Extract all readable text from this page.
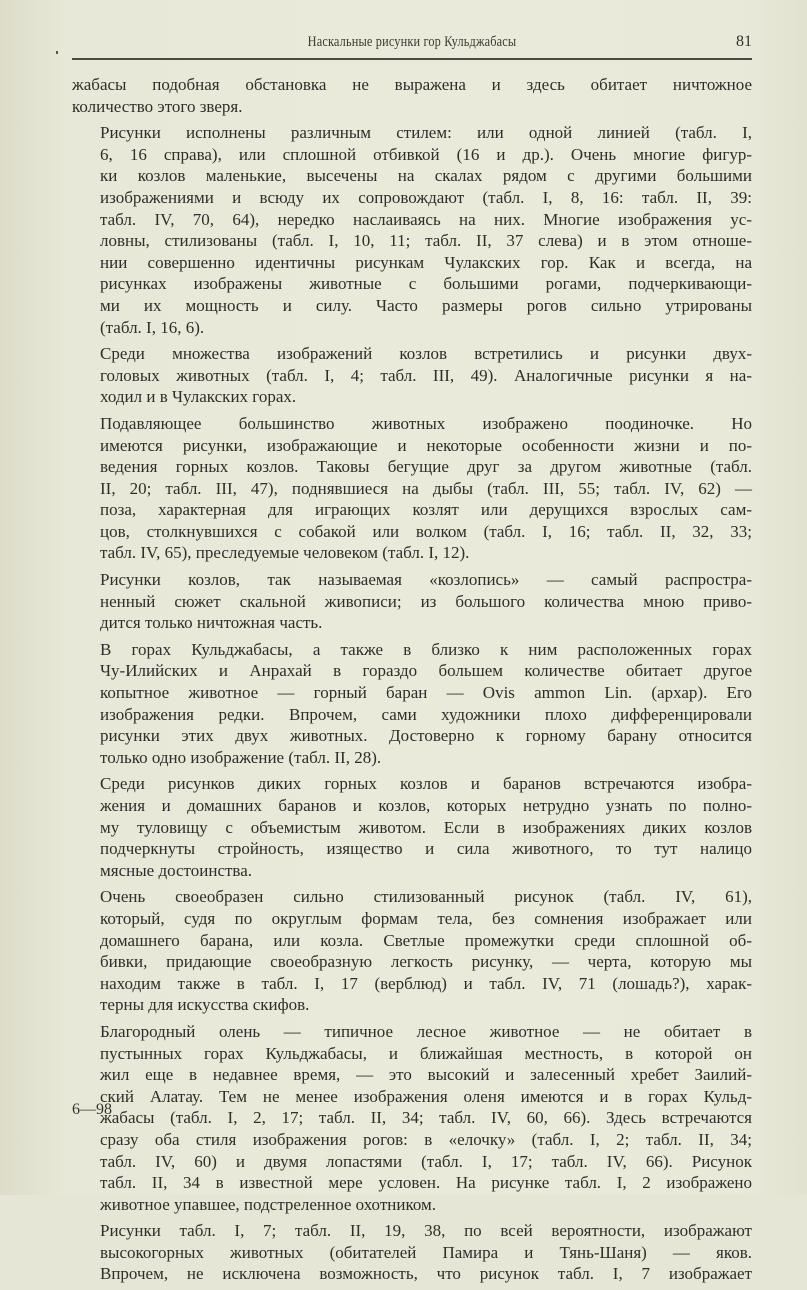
Наскальные рисунки гор Кульджабасы	81

жабасы подобная обстановка не выражена и здесь обитает ничтожное
количество этого зверя.

Рисунки исполнены различным стилем: или одной линией (табл. I,
6, 16 справа), или сплошной отбивкой (16 и др.). Очень многие фигур-
ки козлов маленькие, высечены на скалах рядом с другими большими
изображениями и всюду их сопровождают (табл. I, 8, 16: табл. II, 39:
табл. IV, 70, 64), нередко наслаиваясь на них. Многие изображения ус-
ловны, стилизованы (табл. I, 10, 11; табл. II, 37 слева) и в этом отноше-
нии совершенно идентичны рисункам Чулакских гор. Как и всегда, на
рисунках изображены животные с большими рогами, подчеркивающи-
ми их мощность и силу. Часто размеры рогов сильно утрированы
(табл. I, 16, 6).

Среди множества изображений козлов встретились и рисунки двух-
головых животных (табл. I, 4; табл. III, 49). Аналогичные рисунки я на-
ходил и в Чулакских горах.

Подавляющее большинство животных изображено поодиночке. Но
имеются рисунки, изображающие и некоторые особенности жизни и по-
ведения горных козлов. Таковы бегущие друг за другом животные (табл.
II, 20; табл. III, 47), поднявшиеся на дыбы (табл. III, 55; табл. IV, 62) —
поза, характерная для играющих козлят или дерущихся взрослых сам-
цов, столкнувшихся с собакой или волком (табл. I, 16; табл. II, 32, 33;
табл. IV, 65), преследуемые человеком (табл. I, 12).

Рисунки козлов, так называемая «козлопись» — самый распростра-
ненный сюжет скальной живописи; из большого количества мною приво-
дится только ничтожная часть.

В горах Кульджабасы, а также в близко к ним расположенных горах
Чу-Илийских и Анрахай в гораздо большем количестве обитает другое
копытное животное — горный баран — Ovis ammon Lin. (архар). Его
изображения редки. Впрочем, сами художники плохо дифференцировали
рисунки этих двух животных. Достоверно к горному барану относится
только одно изображение (табл. II, 28).

Среди рисунков диких горных козлов и баранов встречаются изобра-
жения и домашних баранов и козлов, которых нетрудно узнать по полно-
му туловищу с объемистым животом. Если в изображениях диких козлов
подчеркнуты стройность, изящество и сила животного, то тут налицо
мясные достоинства.

Очень своеобразен сильно стилизованный рисунок (табл. IV, 61),
который, судя по округлым формам тела, без сомнения изображает или
домашнего барана, или козла. Светлые промежутки среди сплошной об-
бивки, придающие своеобразную легкость рисунку, — черта, которую мы
находим также в табл. I, 17 (верблюд) и табл. IV, 71 (лошадь?), харак-
терны для искусства скифов.

Благородный олень — типичное лесное животное — не обитает в
пустынных горах Кульджабасы, и ближайшая местность, в которой он
жил еще в недавнее время, — это высокий и залесенный хребет Заилий-
ский Алатау. Тем не менее изображения оленя имеются и в горах Кульд-
жабасы (табл. I, 2, 17; табл. II, 34; табл. IV, 60, 66). Здесь встречаются
сразу оба стиля изображения рогов: в «елочку» (табл. I, 2; табл. II, 34;
табл. IV, 60) и двумя лопастями (табл. I, 17; табл. IV, 66). Рисунок
табл. II, 34 в известной мере условен. На рисунке табл. I, 2 изображено
животное упавшее, подстреленное охотником.

Рисунки табл. I, 7; табл. II, 19, 38, по всей вероятности, изображают
высокогорных животных (обитателей Памира и Тянь-Шаня) — яков.
Впрочем, не исключена возможность, что рисунок табл. I, 7 изображает

6—98
